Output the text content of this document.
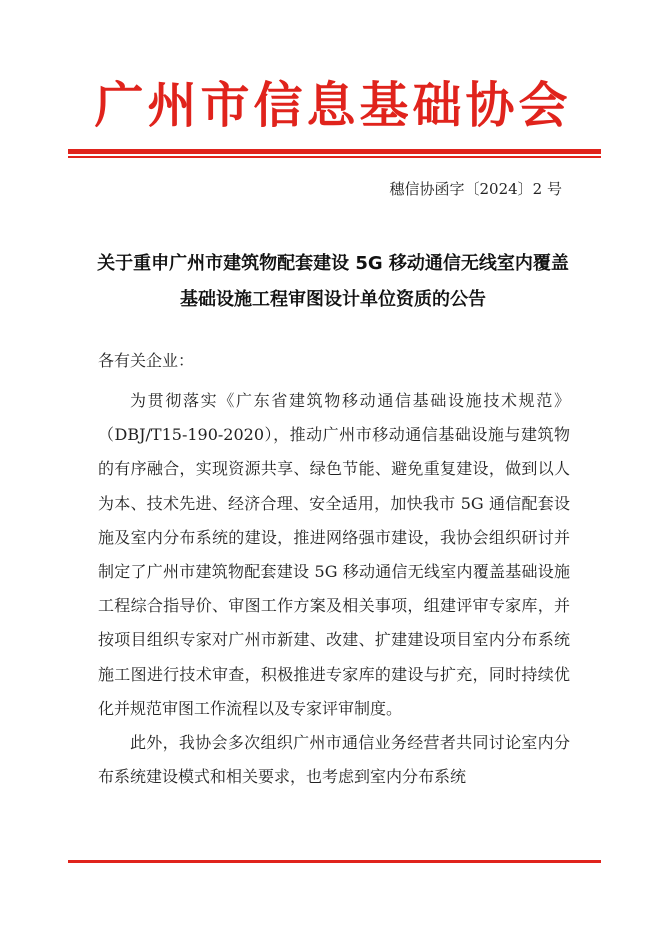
广州市信息基础协会
穗信协函字〔2024〕2 号
关于重申广州市建筑物配套建设 5G 移动通信无线室内覆盖
基础设施工程审图设计单位资质的公告
各有关企业：

为贯彻落实《广东省建筑物移动通信基础设施技术规范》（DBJ/T15-190-2020），推动广州市移动通信基础设施与建筑物的有序融合，实现资源共享、绿色节能、避免重复建设，做到以人为本、技术先进、经济合理、安全适用，加快我市 5G 通信配套设施及室内分布系统的建设，推进网络强市建设，我协会组织研讨并制定了广州市建筑物配套建设 5G 移动通信无线室内覆盖基础设施工程综合指导价、审图工作方案及相关事项，组建评审专家库，并按项目组织专家对广州市新建、改建、扩建建设项目室内分布系统施工图进行技术审查，积极推进专家库的建设与扩充，同时持续优化并规范审图工作流程以及专家评审制度。

此外，我协会多次组织广州市通信业务经营者共同讨论室内分布系统建设模式和相关要求，也考虑到室内分布系统
